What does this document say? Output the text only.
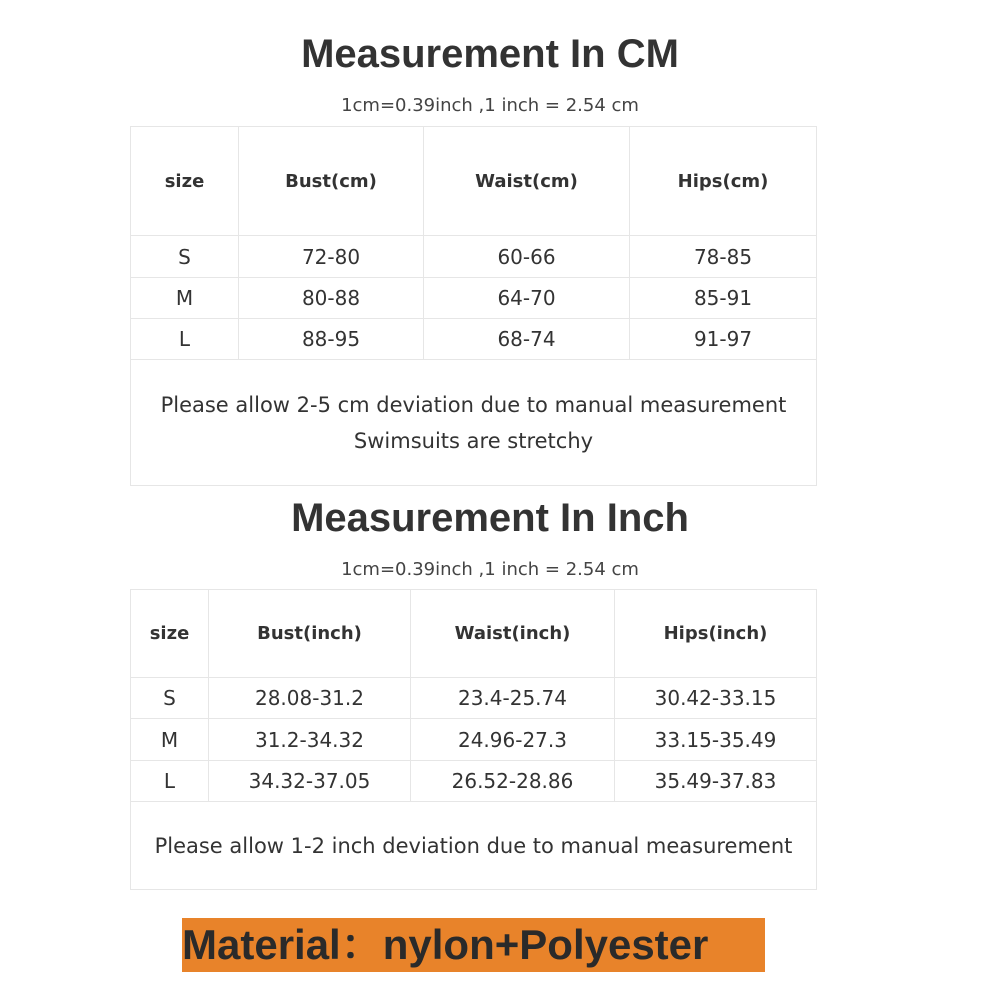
Measurement In CM
1cm=0.39inch ,1 inch = 2.54 cm
size	Bust(cm)	Waist(cm)	Hips(cm)
S	72-80	60-66	78-85
M	80-88	64-70	85-91
L	88-95	68-74	91-97

Please allow 2-5 cm deviation due to manual measurement
Swimsuits are stretchy			
Measurement In Inch
1cm=0.39inch ,1 inch = 2.54 cm
size	Bust(inch)	Waist(inch)	Hips(inch)
S	28.08-31.2	23.4-25.74	30.42-33.15
M	31.2-34.32	24.96-27.3	33.15-35.49
L	34.32-37.05	26.52-28.86	35.49-37.83
Please allow 1-2 inch deviation due to manual measurement			
Material：nylon+Polyester
